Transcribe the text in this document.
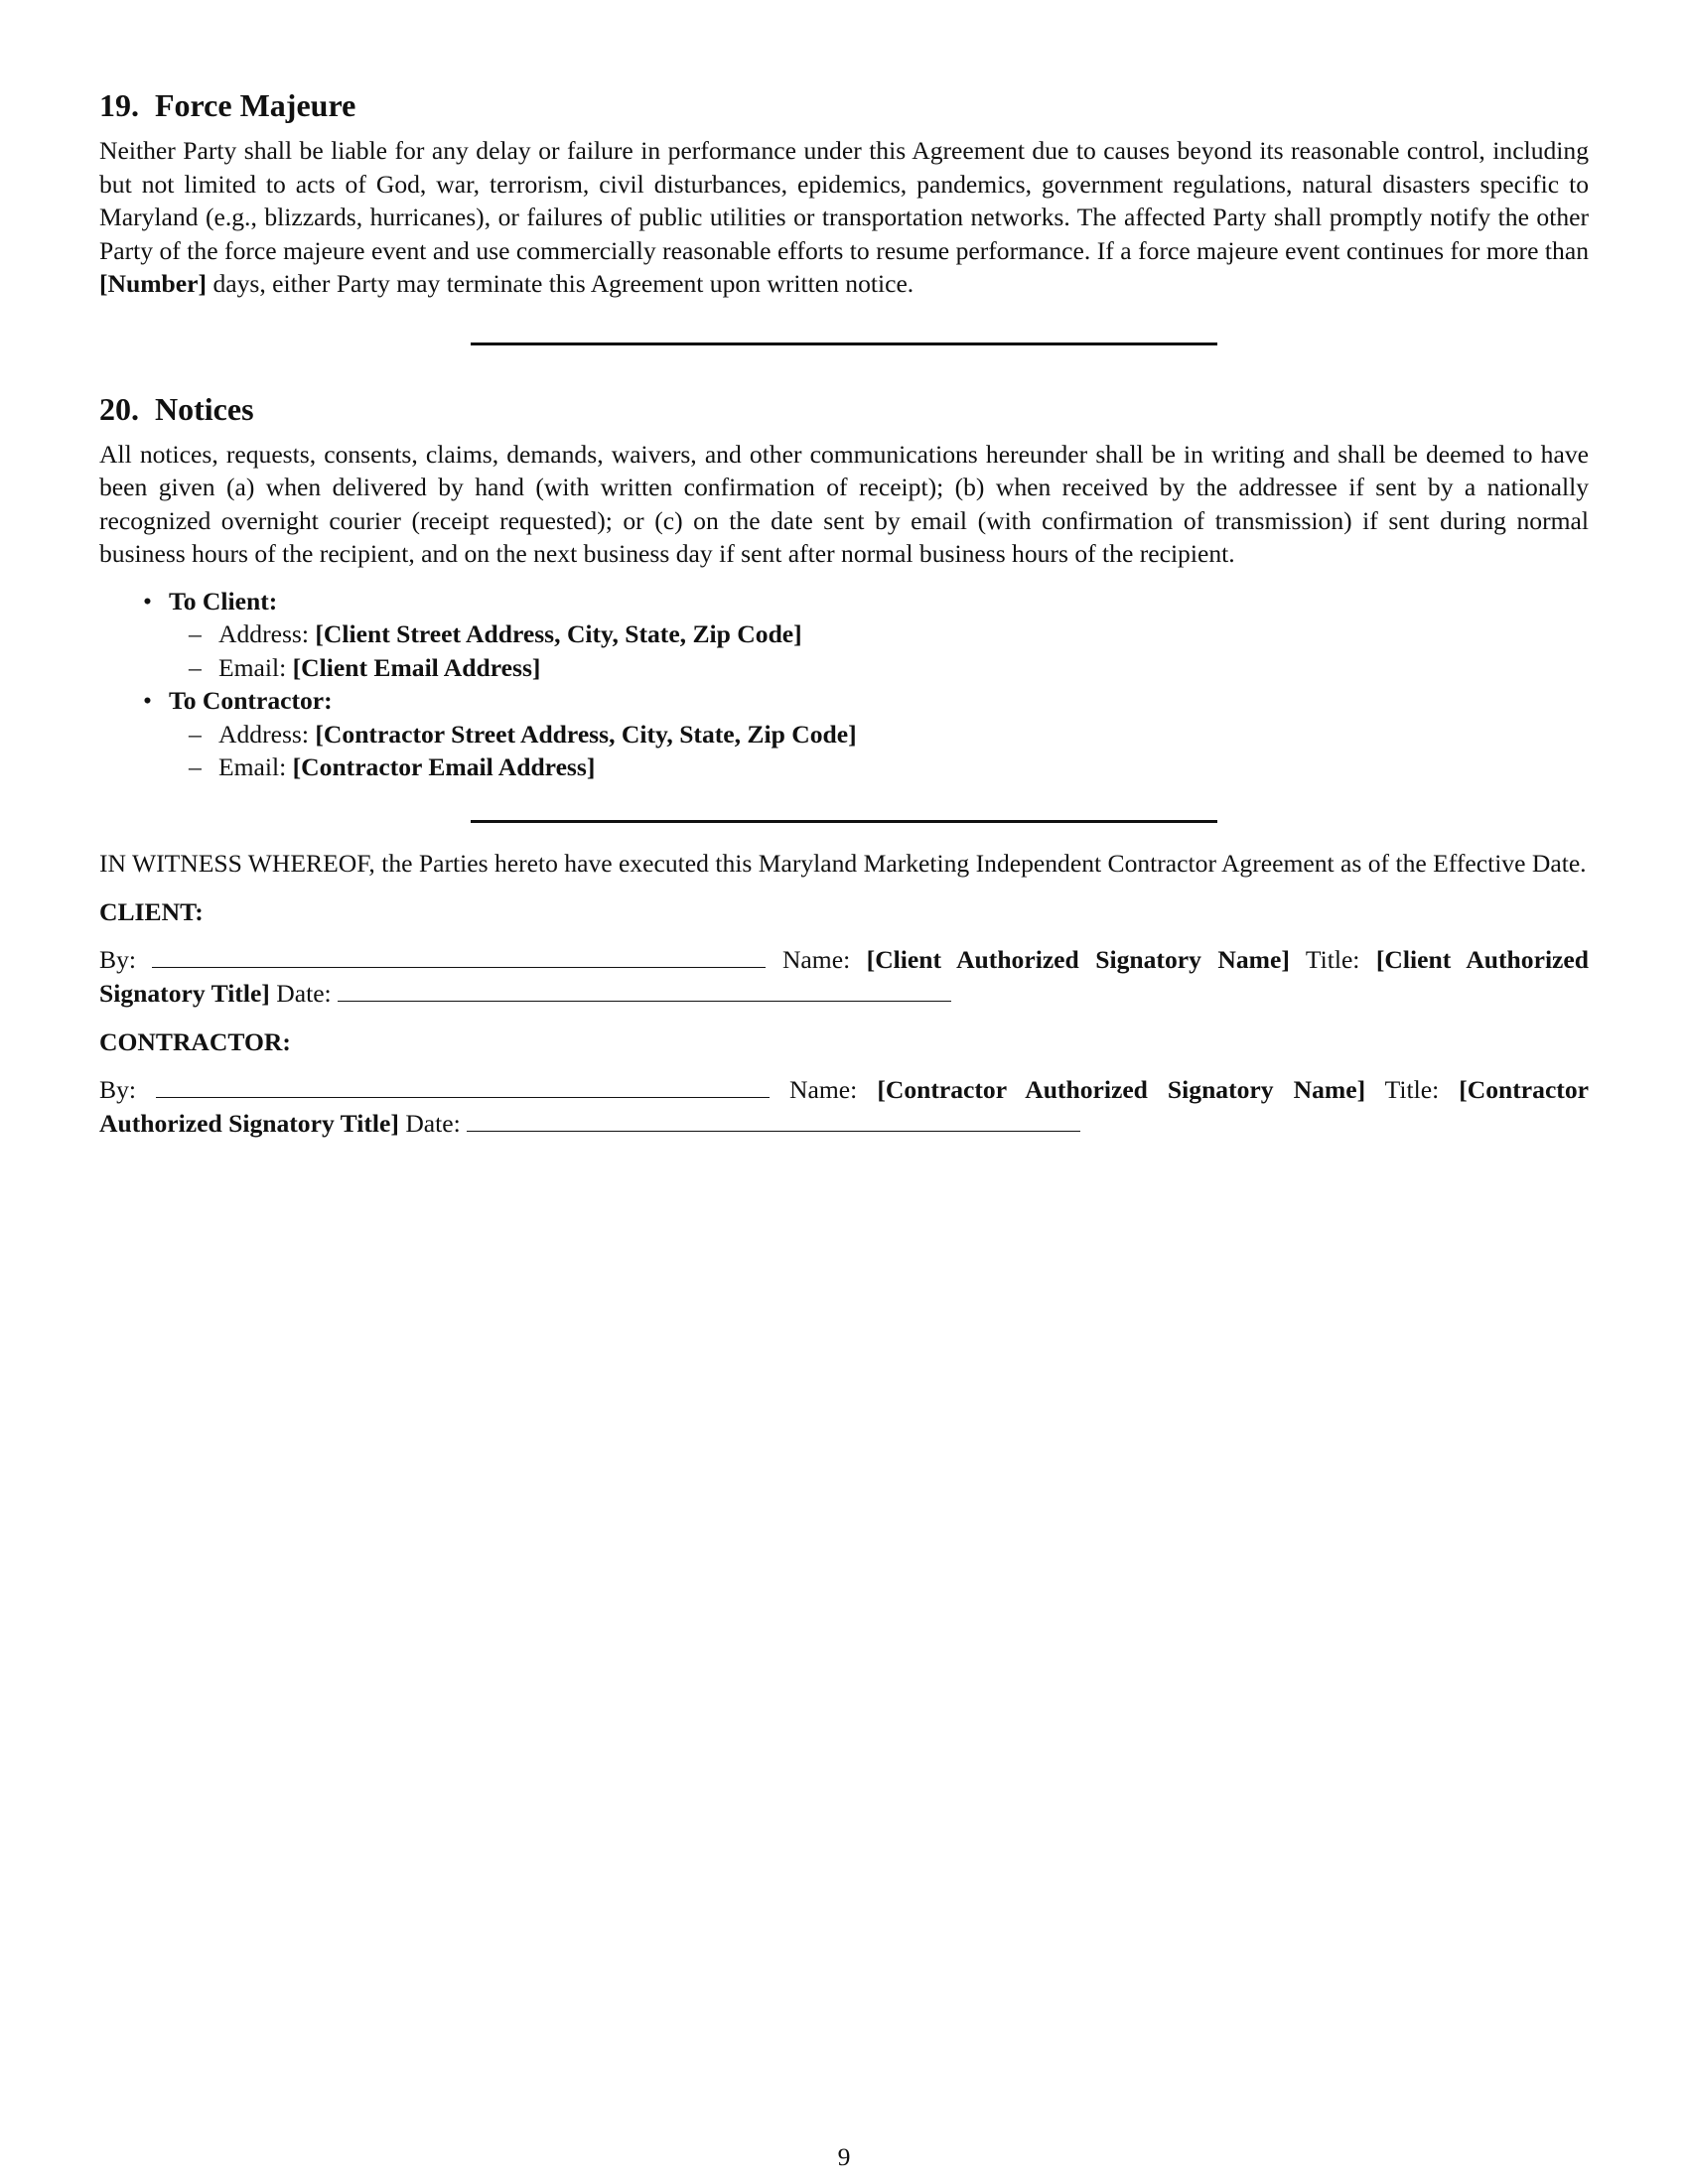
19. Force Majeure

Neither Party shall be liable for any delay or failure in performance under this Agreement due to causes beyond its reasonable control, including but not limited to acts of God, war, terrorism, civil disturbances, epidemics, pandemics, government regulations, natural disasters specific to Maryland (e.g., blizzards, hurricanes), or failures of public utilities or transportation networks. The affected Party shall promptly notify the other Party of the force majeure event and use commercially reasonable efforts to resume performance. If a force majeure event continues for more than [Number] days, either Party may terminate this Agreement upon written notice.

20. Notices

All notices, requests, consents, claims, demands, waivers, and other communications hereunder shall be in writing and shall be deemed to have been given (a) when delivered by hand (with written confirmation of receipt); (b) when received by the addressee if sent by a nationally recognized overnight courier (receipt requested); or (c) on the date sent by email (with confirmation of transmission) if sent during normal business hours of the recipient, and on the next business day if sent after normal business hours of the recipient.

• To Client:
– Address: [Client Street Address, City, State, Zip Code]
– Email: [Client Email Address]
• To Contractor:
– Address: [Contractor Street Address, City, State, Zip Code]
– Email: [Contractor Email Address]

IN WITNESS WHEREOF, the Parties hereto have executed this Maryland Marketing Independent Contractor Agreement as of the Effective Date.

CLIENT:

By:	Name: [Client Authorized Signatory Name] Title: [Client Authorized Signatory Title] Date:

CONTRACTOR:

By:	Name: [Contractor Authorized Signatory Name] Title: [Contractor Authorized Signatory Title] Date:

9
